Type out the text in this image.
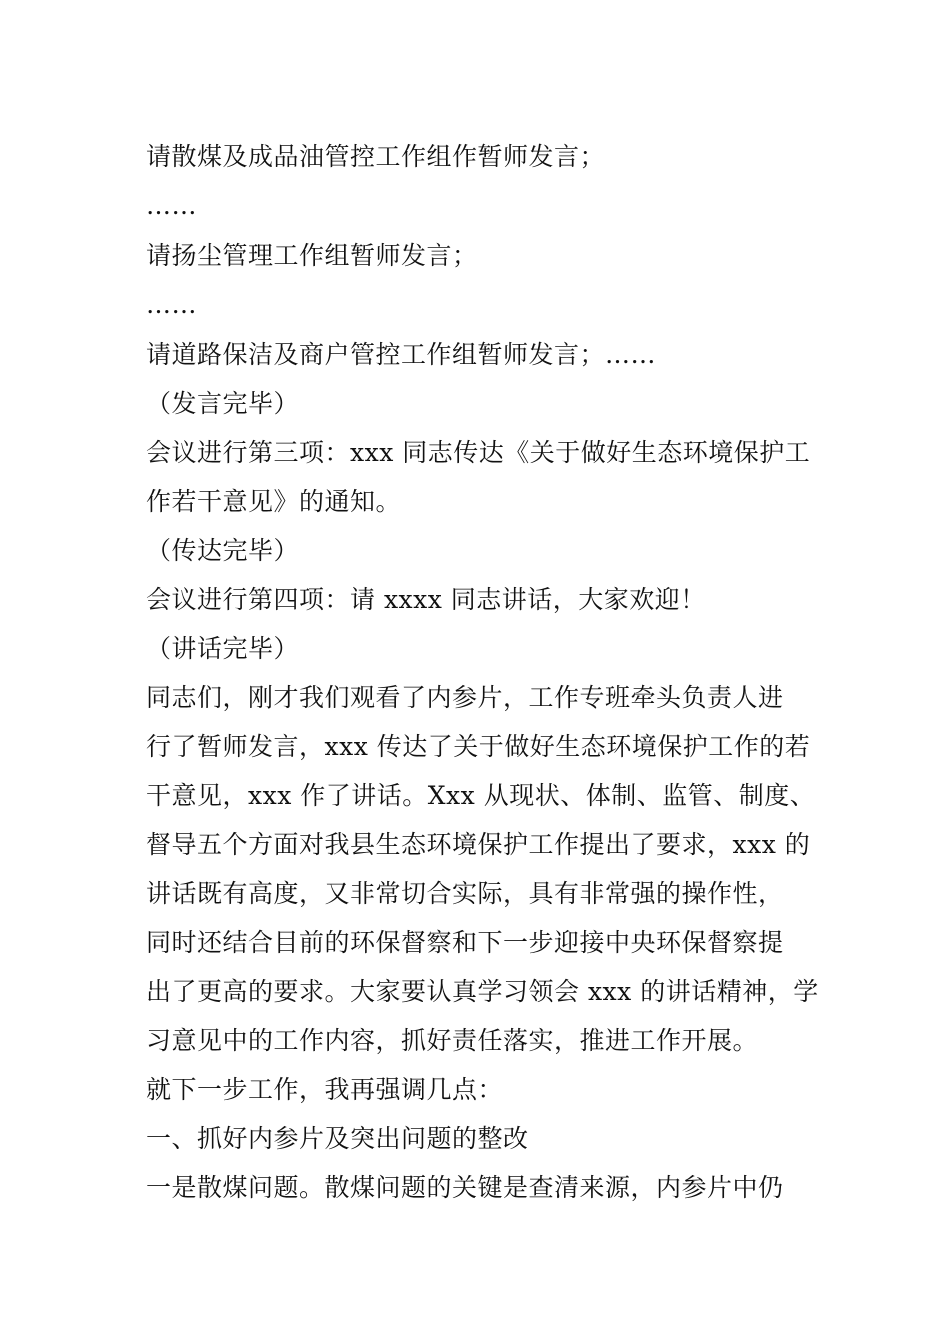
请散煤及成品油管控工作组作暂师发言；
……
请扬尘管理工作组暂师发言；
……
请道路保洁及商户管控工作组暂师发言；……
（发言完毕）
会议进行第三项：xxx 同志传达《关于做好生态环境保护工
作若干意见》的通知。
（传达完毕）
会议进行第四项：请 xxxx 同志讲话，大家欢迎！
（讲话完毕）
同志们，刚才我们观看了内参片，工作专班牵头负责人进
行了暂师发言，xxx 传达了关于做好生态环境保护工作的若
干意见，xxx 作了讲话。Xxx 从现状、体制、监管、制度、
督导五个方面对我县生态环境保护工作提出了要求，xxx 的
讲话既有高度，又非常切合实际，具有非常强的操作性，
同时还结合目前的环保督察和下一步迎接中央环保督察提
出了更高的要求。大家要认真学习领会 xxx 的讲话精神，学
习意见中的工作内容，抓好责任落实，推进工作开展。
就下一步工作，我再强调几点：
一、抓好内参片及突出问题的整改
一是散煤问题。散煤问题的关键是查清来源，内参片中仍
